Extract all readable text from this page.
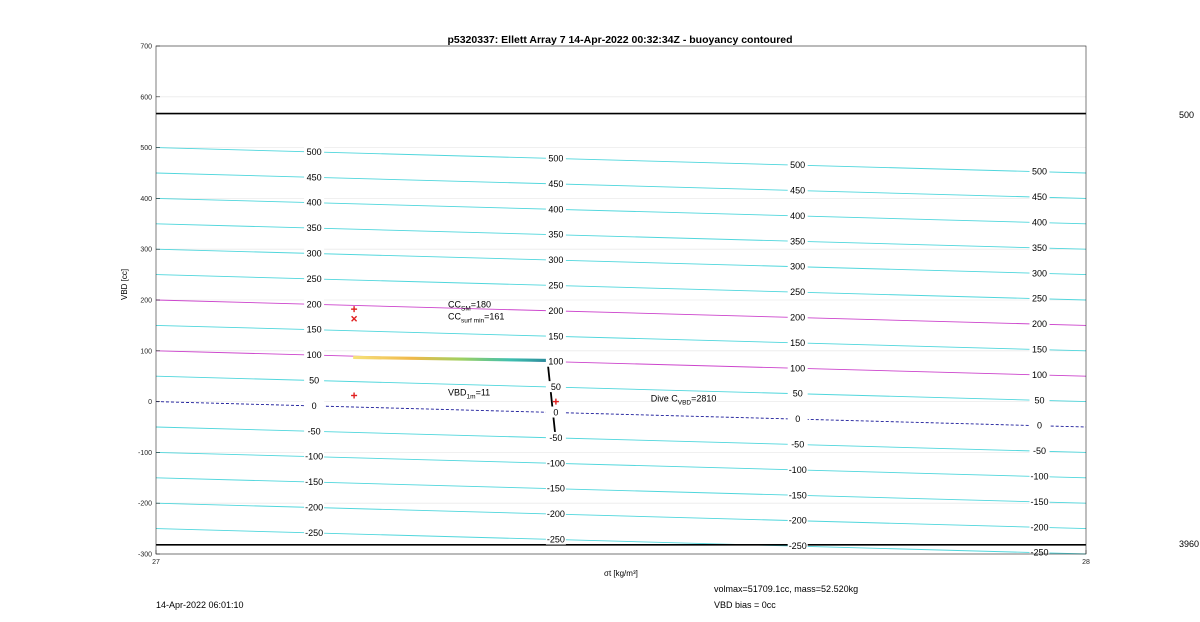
$CC_{SM}=180$
$CC_{surf min}=161$
$VBD_{1m}=11$
Dive $C_{VBD}=2810$
500
500
500
500
450
450
450
450
400
400
400
400
350
350
350
350
300
300
300
300
250
250
250
250
200
200
200
200
150
150
150
150
100
100
100
100
50
50
50
50
0
0
0
0
-50
-50
-50
-50
-100
-100
-100
-100
-150
-150
-150
-150
-200
-200
-200
-200
-250
-250
-250
-250
-300
-200
-100
0
100
200
300
400
500
600
700
27	28
p5320337: Ellett Array 7 14-Apr-2022 00:32:34Z - buoyancy contoured
VBD [cc]
σt [kg/m³]
500
3960
14-Apr-2022 06:01:10
volmax=51709.1cc, mass=52.520kg
VBD bias = 0cc
